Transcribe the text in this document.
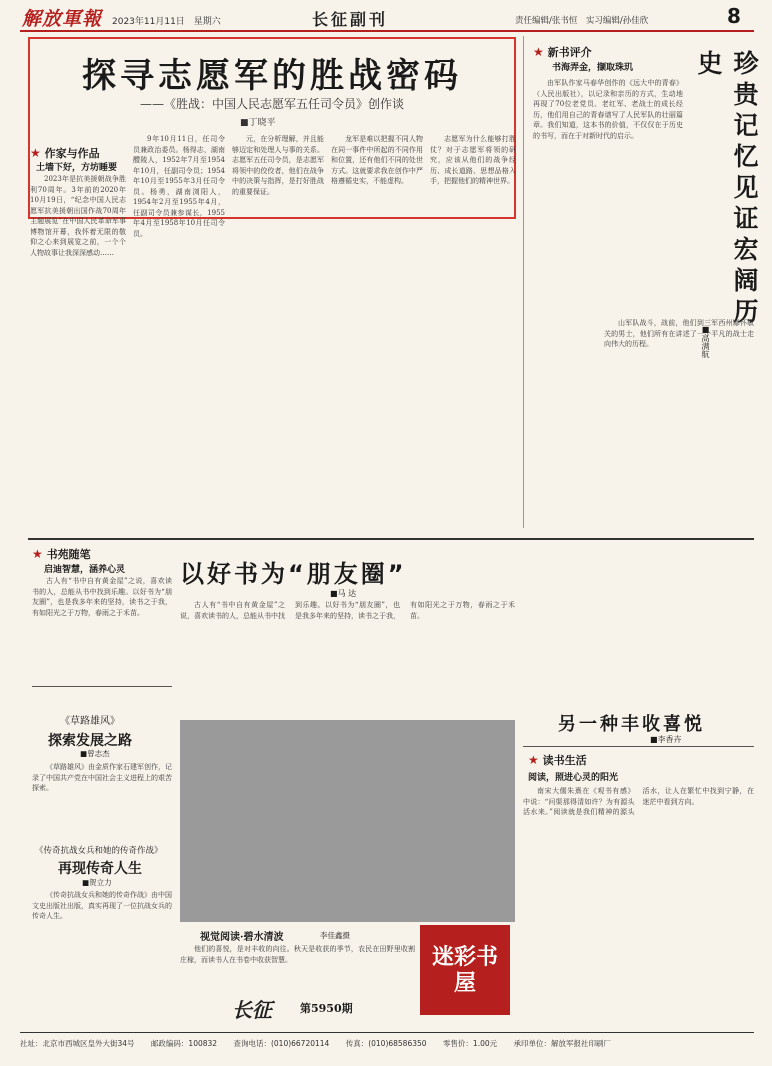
解放軍報 2023年11月11日　星期六	长征副刊	责任编辑/张书恒　实习编辑/孙佳欣	8
探寻志愿军的胜战密码
——《胜战：中国人民志愿军五任司令员》创作谈
■丁晓平
★ 作家与作品
土墙下好，方坊睡要

2023年是抗美援朝战争胜利70周年。3年前的2020年10月19日，“纪念中国人民志愿军抗美援朝出国作战70周年主题展览”在中国人民革命军事博物馆开幕，我怀着无限的敬仰之心来到展览之前，一个个人物故事让我深深感动……

9年10月11日，任司令员兼政治委员。杨得志，湖南醴陵人，1952年7月至1954年10月，任副司令员；1954年10月至1955年3月任司令员。杨勇，湖南浏阳人，1954年2月至1955年4月，任副司令员兼参谋长，1955年4月至1958年10月任司令员。

元，在分析理解，并且能够迈定和处理人与事的关系。志愿军五任司令员，是志愿军将领中的佼佼者，他们在战争中的决策与指挥，是打好胜战的重要保证。

龙军是难以把握不同人物在同一事件中所起的不同作用和位置，还有他们不同的处世方式。这就要求我在创作中严格遵循史实，不能虚构。

志愿军为什么能够打胜仗？对于志愿军将领的研究，应该从他们的战争经历、成长道路、思想品格入手，把握他们的精神世界。

★ 新书评介
书海弄金，撷取珠玑	珍贵记忆见证宏阔历史
■高满航

由军队作家马春华创作的《远大中的青春》（人民出版社），以记录和亲历的方式，生动地再现了70位老党员、老红军、老战士的成长经历，他们用自己的青春谱写了人民军队的壮丽篇章。我们知道，这本书的价值，不仅仅在于历史的书写，而在于对新时代的启示。

山军队战斗，战前，他们到三军西州娜怀敏关的男士，他们所有在讲述了一个平凡的战士走向伟大的历程。

★ 书苑随笔
启迪智慧，涵养心灵

古人有“书中自有黄金屋”之说，喜欢读书的人，总能从书中找到乐趣。以好书为“朋友圈”，也是我多年来的坚持，读书之于我，有如阳光之于万物，春雨之于禾苗。

以好书为“朋友圈”
■马 达

古人有“书中自有黄金屋”之说，喜欢读书的人，总能从书中找到乐趣。以好书为“朋友圈”，也是我多年来的坚持，读书之于我，有如阳光之于万物，春雨之于禾苗。

《草路雄风》
探索发展之路
■曾志杰

《草路雄风》由金质作家石建军创作，记录了中国共产党在中国社会主义进程上的艰苦探索。

《传奇抗战女兵和她的传奇作战》
再现传奇人生
■贺立力

《传奇抗战女兵和她的传奇作战》由中国文史出版社出版，真实再现了一位抗战女兵的传奇人生。

视觉阅读·碧水清波	李佳鑫摄

他们的喜悦，是对丰收的向往。秋天是收获的季节，农民在田野里收割庄稼，而读书人在书卷中收获智慧。

长征	第5950期
迷彩书屋
另一种丰收喜悦
■李香卉
★ 读书生活
阅读，照进心灵的阳光

南宋大儒朱熹在《观书有感》中说：“问渠那得清如许？为有源头活水来。”阅读就是我们精神的源头活水，让人在繁忙中找到宁静，在迷茫中看到方向。

社址：北京市西城区皇外大街34号 邮政编码：100832 查询电话：(010)66720114 传真：(010)68586350 零售价：1.00元 承印单位：解放军报社印刷厂
